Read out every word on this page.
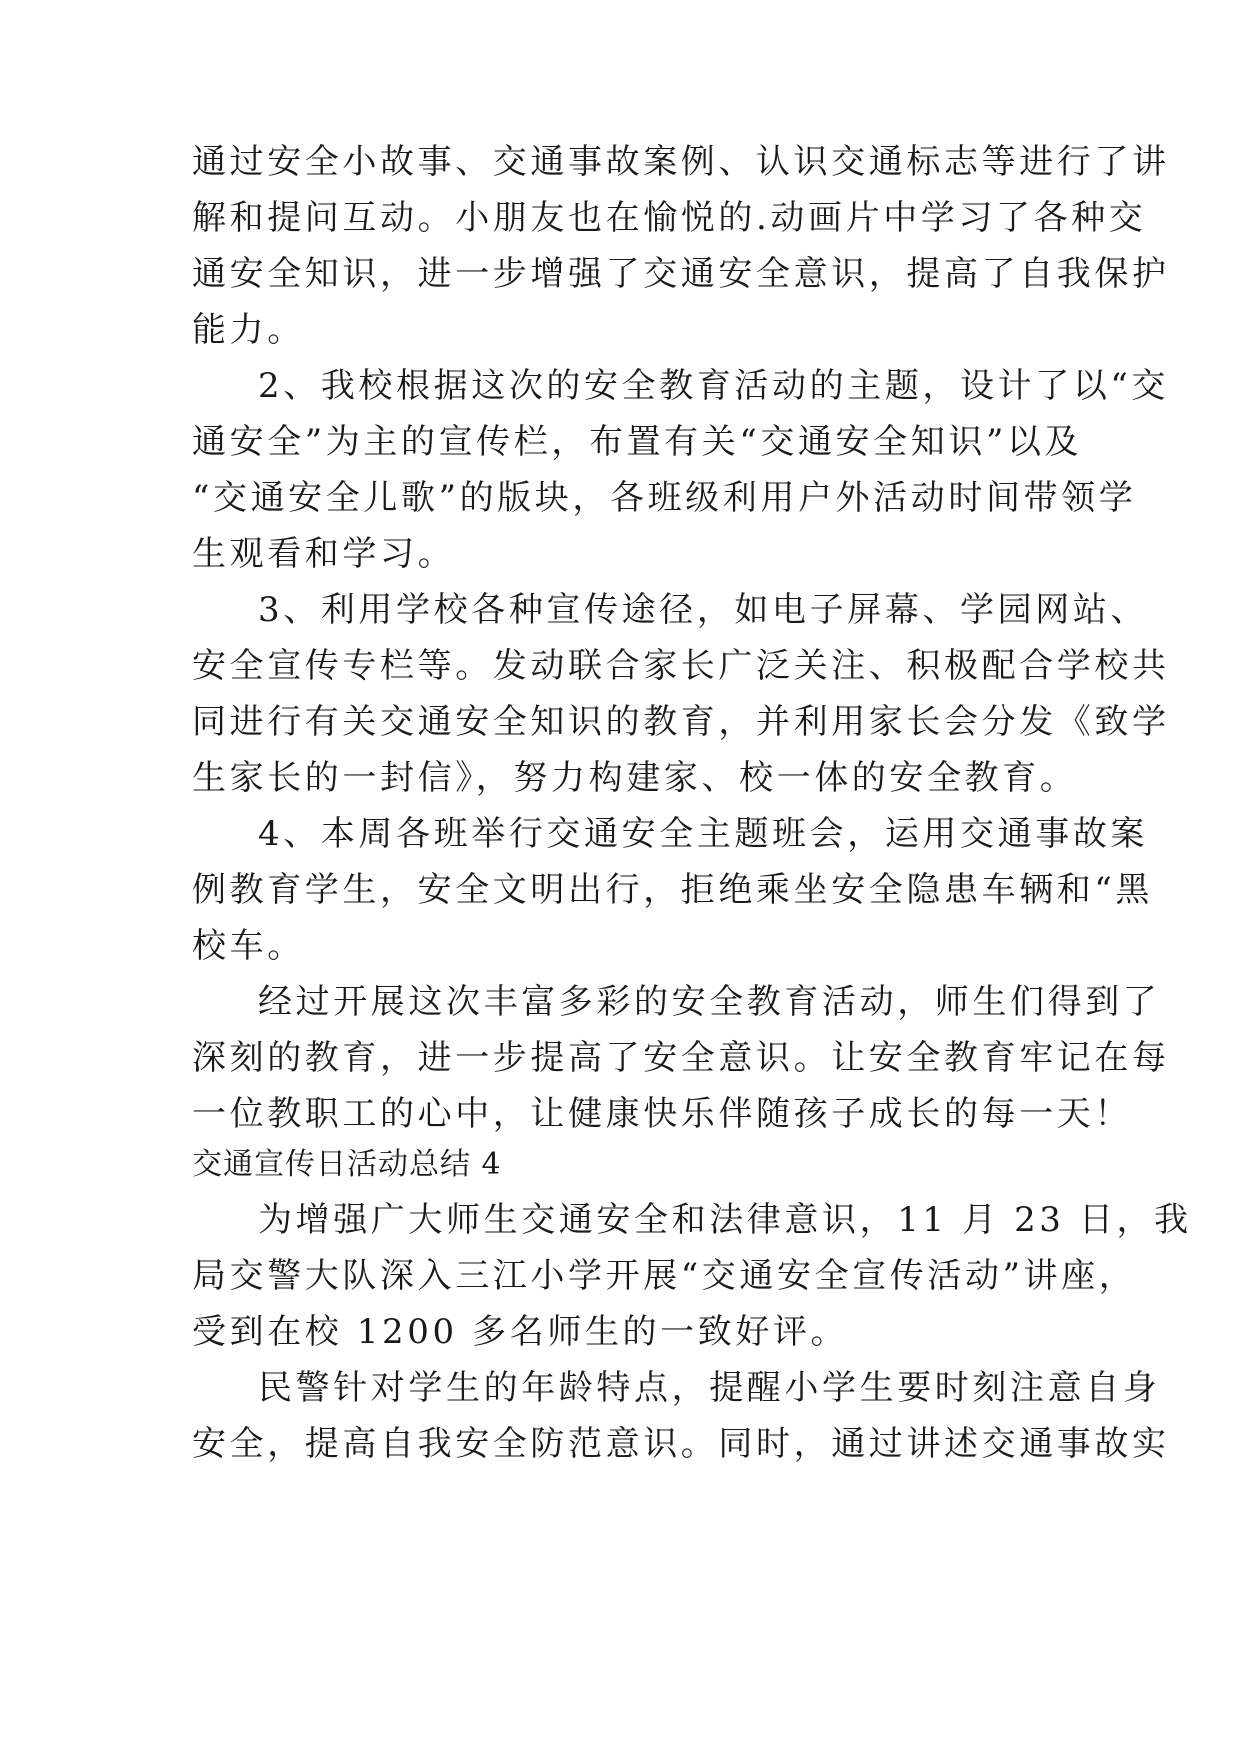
通过安全小故事、交通事故案例、认识交通标志等进行了讲
解和提问互动。小朋友也在愉悦的.动画片中学习了各种交
通安全知识，进一步增强了交通安全意识，提高了自我保护
能力。
2、我校根据这次的安全教育活动的主题，设计了以“交
通安全”为主的宣传栏，布置有关“交通安全知识”以及
“交通安全儿歌”的版块，各班级利用户外活动时间带领学
生观看和学习。
3、利用学校各种宣传途径，如电子屏幕、学园网站、
安全宣传专栏等。发动联合家长广泛关注、积极配合学校共
同进行有关交通安全知识的教育，并利用家长会分发《致学
生家长的一封信》，努力构建家、校一体的安全教育。
4、本周各班举行交通安全主题班会，运用交通事故案
例教育学生，安全文明出行，拒绝乘坐安全隐患车辆和“黑
校车。
经过开展这次丰富多彩的安全教育活动，师生们得到了
深刻的教育，进一步提高了安全意识。让安全教育牢记在每
一位教职工的心中，让健康快乐伴随孩子成长的每一天！
交通宣传日活动总结 4
为增强广大师生交通安全和法律意识，11 月 23 日，我
局交警大队深入三江小学开展“交通安全宣传活动”讲座，
受到在校 1200 多名师生的一致好评。
民警针对学生的年龄特点，提醒小学生要时刻注意自身
安全，提高自我安全防范意识。同时，通过讲述交通事故实
